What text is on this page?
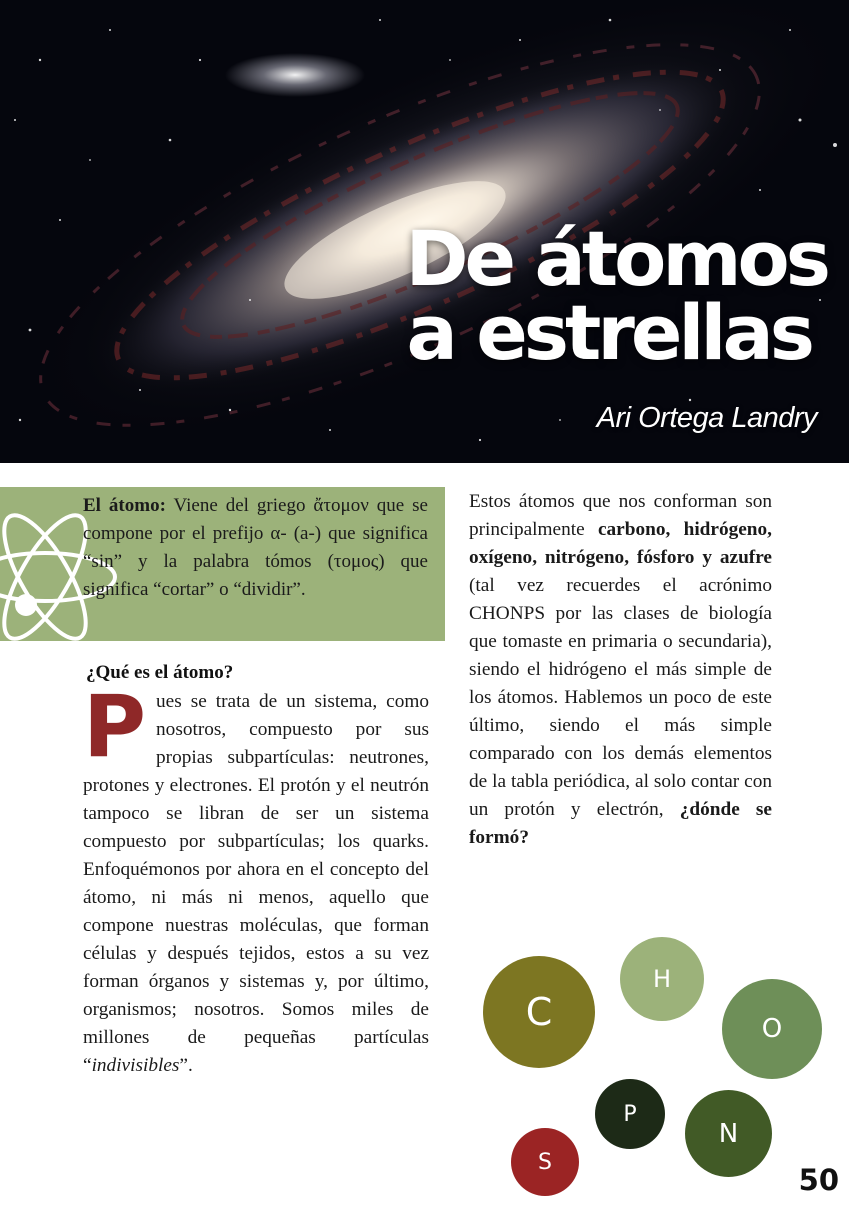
De átomos
a estrellas
Ari Ortega Landry

El átomo: Viene del griego ἄτομον que se compone por el prefijo α- (a-) que significa “sin” y la palabra tómos (τομος) que significa “cortar” o “dividir”.

¿Qué es el átomo?
Pues se trata de un sistema, como nosotros, compuesto por sus propias subpartículas: neutrones, protones y electrones. El protón y el neutrón tampoco se libran de ser un sistema compuesto por subpartículas; los quarks. Enfoquémonos por ahora en el concepto del átomo, ni más ni menos, aquello que compone nuestras moléculas, que forman células y después tejidos, estos a su vez forman órganos y sistemas y, por último, organismos; nosotros. Somos miles de millones de pequeñas partículas “indivisibles”.
Estos átomos que nos conforman son principalmente carbono, hidrógeno, oxígeno, nitrógeno, fósforo y azufre (tal vez recuerdes el acrónimo CHONPS por las clases de biología que tomaste en primaria o secundaria), siendo el hidrógeno el más simple de los átomos. Hablemos un poco de este último, siendo el más simple comparado con los demás elementos de la tabla periódica, al solo contar con un protón y electrón, ¿dónde se formó?
C
H
O
P
N
S
50
